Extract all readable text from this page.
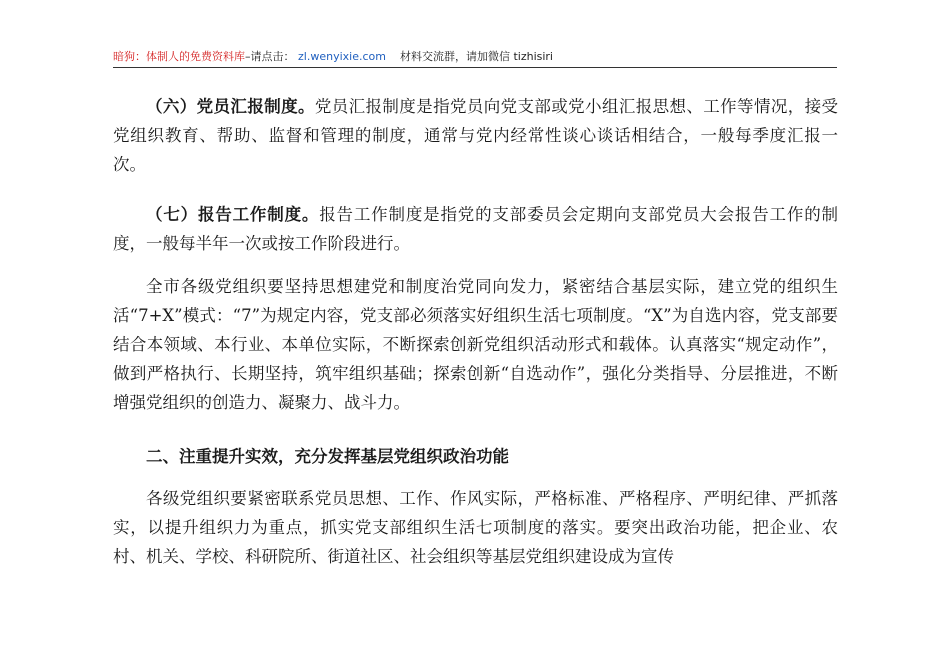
暗狗：体制人的免费资料库–请点击： zl.wenyixie.com 材料交流群，请加微信 tizhisiri

（六）党员汇报制度。党员汇报制度是指党员向党支部或党小组汇报思想、工作等情况，接受党组织教育、帮助、监督和管理的制度，通常与党内经常性谈心谈话相结合，一般每季度汇报一次。

（七）报告工作制度。报告工作制度是指党的支部委员会定期向支部党员大会报告工作的制度，一般每半年一次或按工作阶段进行。

全市各级党组织要坚持思想建党和制度治党同向发力，紧密结合基层实际，建立党的组织生活“7+X”模式：“7”为规定内容，党支部必须落实好组织生活七项制度。“X”为自选内容，党支部要结合本领域、本行业、本单位实际，不断探索创新党组织活动形式和载体。认真落实“规定动作”，做到严格执行、长期坚持，筑牢组织基础；探索创新“自选动作”，强化分类指导、分层推进，不断增强党组织的创造力、凝聚力、战斗力。

二、注重提升实效，充分发挥基层党组织政治功能

各级党组织要紧密联系党员思想、工作、作风实际，严格标准、严格程序、严明纪律、严抓落实，以提升组织力为重点，抓实党支部组织生活七项制度的落实。要突出政治功能，把企业、农村、机关、学校、科研院所、街道社区、社会组织等基层党组织建设成为宣传
